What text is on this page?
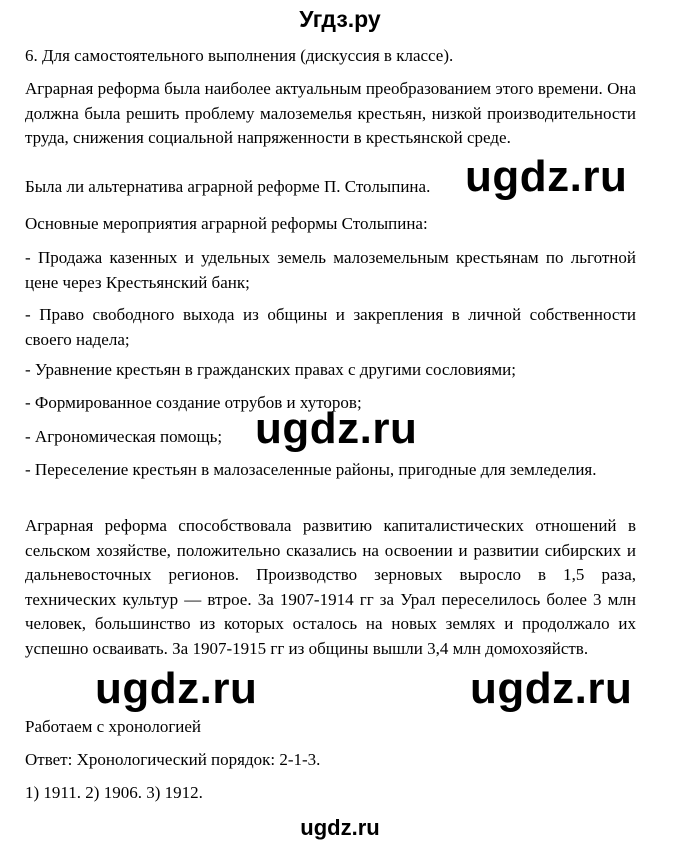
Угдз.ру

6. Для самостоятельного выполнения (дискуссия в классе).

Аграрная реформа была наиболее актуальным преобразованием этого времени. Она должна была решить проблему малоземелья крестьян, низкой производительности труда, снижения социальной напряженности в крестьянской среде.

Была ли альтернатива аграрной реформе П. Столыпина.

Основные мероприятия аграрной реформы Столыпина:

- Продажа казенных и удельных земель малоземельным крестьянам по льготной цене через Крестьянский банк;

- Право свободного выхода из общины и закрепления в личной собственности своего надела;

- Уравнение крестьян в гражданских правах с другими сословиями;

- Формированное создание отрубов и хуторов;

- Агрономическая помощь;

- Переселение крестьян в малозаселенные районы, пригодные для земледелия.

Аграрная реформа способствовала развитию капиталистических отношений в сельском хозяйстве, положительно сказались на освоении и развитии сибирских и дальневосточных регионов. Производство зерновых выросло в 1,5 раза, технических культур — втрое. За 1907-1914 гг за Урал переселилось более 3 млн человек, большинство из которых осталось на новых землях и продолжало их успешно осваивать. За 1907-1915 гг из общины вышли 3,4 млн домохозяйств.

Работаем с хронологией

Ответ: Хронологический порядок: 2-1-3.

1) 1911. 2) 1906. 3) 1912.

ugdz.ru
ugdz.ru
ugdz.ru	ugdz.ru
ugdz.ru
